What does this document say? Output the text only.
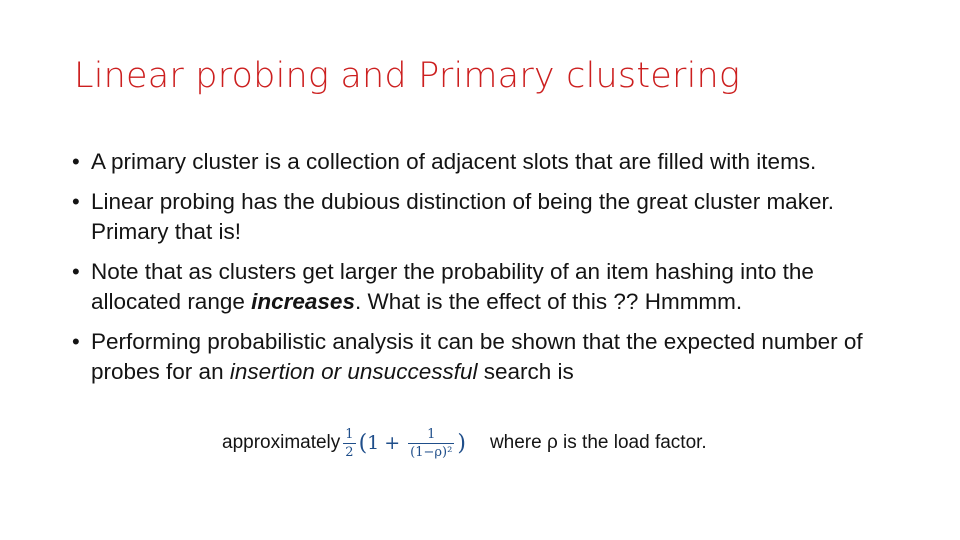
Linear probing and Primary clustering
• A primary cluster is a collection of adjacent slots that are filled with items.
• Linear probing has the dubious distinction of being the great cluster maker. Primary that is!
• Note that as clusters get larger the probability of an item hashing into the allocated range increases. What is the effect of this ?? Hmmmm.
• Performing probabilistic analysis it can be shown that the expected number of probes for an insertion or unsuccessful search is
approximately $\frac{1}{2}$ ( $1 + \frac{1}{\text{(1−ρ)²}}$ ) where ρ is the load factor.
